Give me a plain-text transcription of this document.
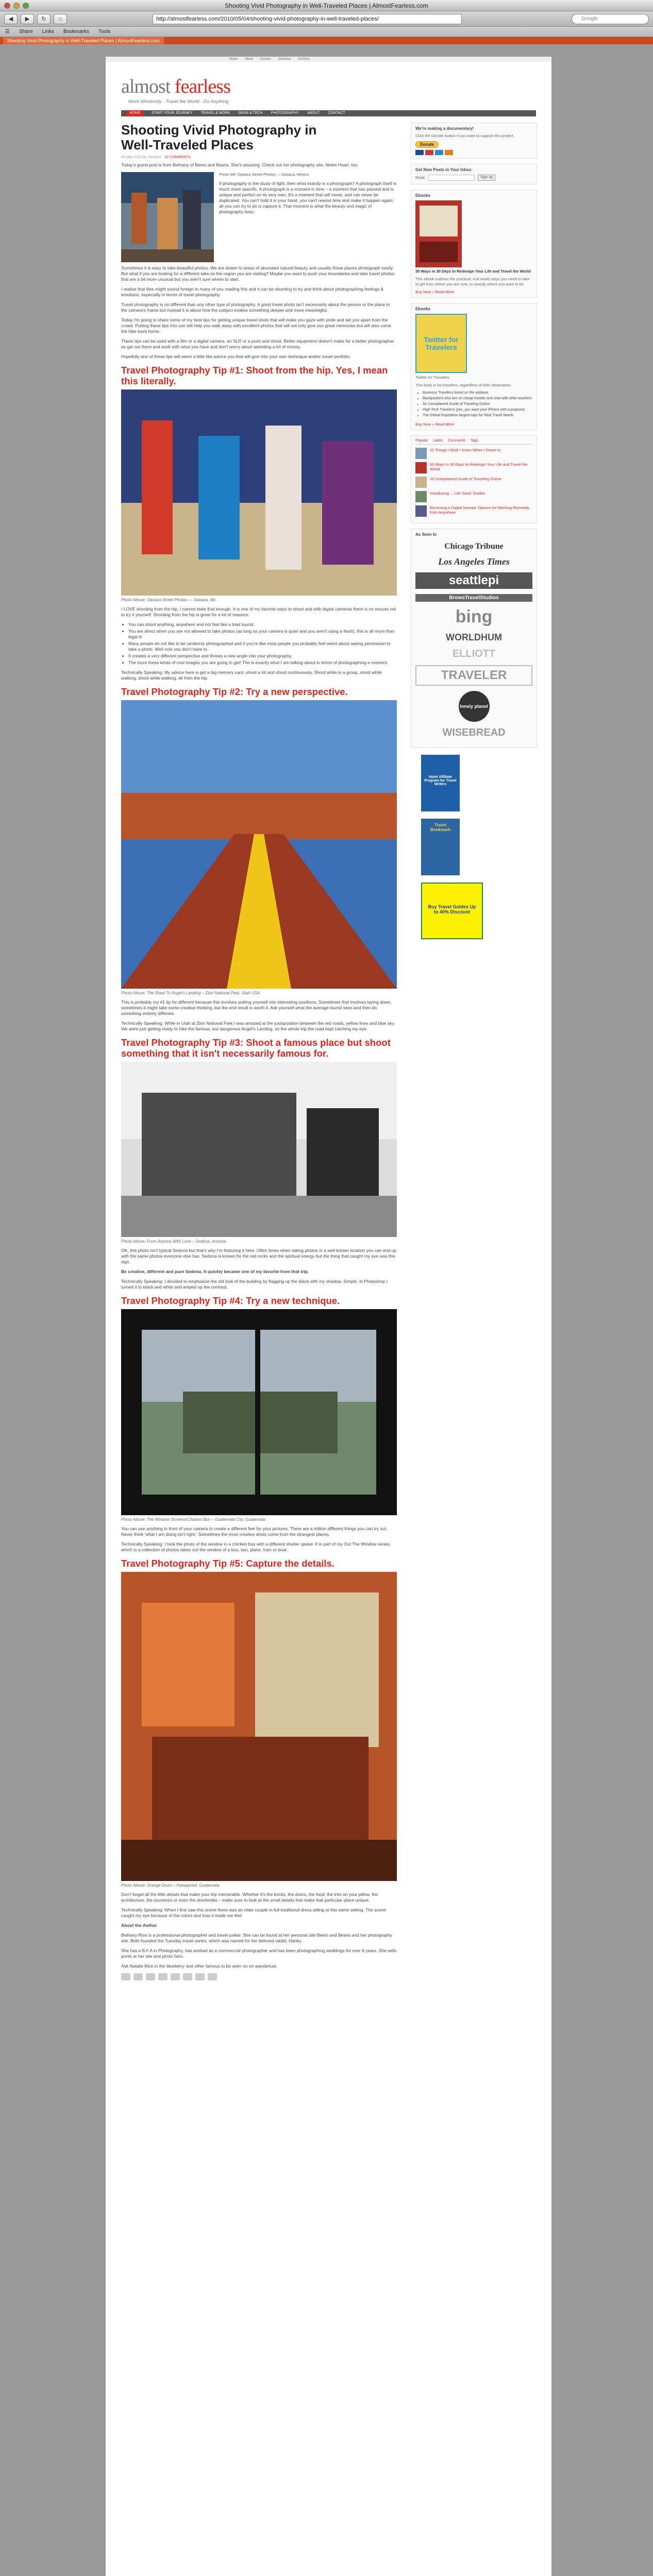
Shooting Vivid Photography in Well-Traveled Places | AlmostFearless.com
◀	▶	↻	⌂	http://almostfearless.com/2010/05/04/shooting-vivid-photography-in-well-traveled-places/	Google
☰ Share Links Bookmarks Tools
Shooting Vivid Photography in Well-Traveled Places | AlmostFearless.com
Home About Contact Advertise Archives
almost fearless
Work Wirelessly · Travel the World · Do Anything
HOME	START YOUR JOURNEY TRAVEL & WORK GEAR & TECH PHOTOGRAPHY ABOUT CONTACT
Shooting Vivid Photography in Well-Traveled Places
04 May 2010 by christine · 22 COMMENTS

Today's guest post is from Bethany of Beers and Beans. She's amazing. Check out her photography site, Nettie Heart, too.

Photo left: Oaxaca Street Photos — Oaxaca, Mexico

If photography is the study of light, then what exactly is a photograph? A photograph itself is much more specific. A photograph is a moment in time – a moment that has passed and is unique and perfect on its very own. It's a moment that will never, and can never be duplicated. You can't hold it in your hand, you can't rewind time and make it happen again; all you can try to do is capture it. That moment is what the beauty and magic of photography lives.

Sometimes it is easy to take beautiful photos. We are drawn to areas of abundant natural beauty and usually those places photograph easily. But what if you are looking for a different take on the region you are visiting? Maybe you want to push your boundaries and take travel photos that are a bit more unusual but you aren't sure where to start.

I realize that tiles might sound foreign to many of you reading this and it can be daunting to try and think about photographing feelings & emotions, especially in terms of travel photography.

Travel photography is no different than any other type of photography. A good travel photo isn't necessarily about the person or the place in the camera's frame but instead it is about how the subject evokes something deeper and more meaningful.

Today I'm going to share some of my best tips for getting unique travel shots that will make you gaze with pride and set you apart from the crowd. Putting these tips into use will help you walk away with excellent photos that will not only give you great memories but will also come the hike back home.

These tips can be used with a film or a digital camera, an SLR or a point and shoot. Better equipment doesn't make for a better photographer so get out there and work with what you have and don't worry about spending a lot of money.

Hopefully one of these tips will seem a little like advice you that will give into your own technique and/or travel portfolio.

Travel Photography Tip #1: Shoot from the hip. Yes, I mean this literally.

Photo Above: Oaxaca Street Photos — Oaxaca, Mx

I LOVE shooting from the hip. I cannot state that enough. It is one of my favorite ways to shoot and with digital cameras there is no excuse not to try it yourself. Shooting from the hip is great for a lot of reasons:

• You can shoot anything, anywhere and not feel like a total tourist.
• You are direct when you are not allowed to take photos (as long as your camera is quiet and you aren't using a flash), this is all more than legal it!
• Many people do not like to be randomly photographed and if you're like most people you probably feel weird about asking permission to take a photo. Well now you don't have to.
• It creates a very different perspective and throws a new angle into your photography.
• The more these kinds of cool images you are going to get! The is exactly what I am talking about in terms of photographing a moment.

Technically Speaking: My advice here is get a big memory card, shoot a lot and shoot continuously. Shoot while in a group, shoot while walking, shoot while walking, all from the hip.

Travel Photography Tip #2: Try a new perspective.

Photo Above: The Road To Angel's Landing – Zion National Park, Utah USA

This is probably my #1 tip for different because this involves putting yourself into interesting positions. Sometimes that involves laying down, sometimes it might take some creative thinking, but the end result is worth it. Ask yourself what the average tourist sees and then do something entirely different.

Technically Speaking: While in Utah at Zion National Park I was amazed at the juxtaposition between the red roads, yellow lines and blue sky. We were just getting ready to hike the famous, but dangerous Angel's Landing, so the whole trip the road kept catching my eye.

Travel Photography Tip #3: Shoot a famous place but shoot something that it isn't necessarily famous for.

Photo Above: From Arizona With Love – Sedona, Arizona

OK, this photo isn't typical Sedona but that's why I'm featuring it here. Often times when taking photos in a well known location you can end up with the same photos everyone else has. Sedona is known for the red rocks and the spiritual energy but the thing that caught my eye was this sign.

Be creative, different and pure Sedona. It quickly became one of my favorite from that trip.

Technically Speaking: I decided to emphasize the old look of the building by flagging up the black with my shadow. Simple. In Photoshop I turned it to black and white and amped up the contrast.

Travel Photography Tip #4: Try a new technique.

Photo Above: The Window Screens/Chicken Bus – Guatemala City, Guatemala

You can use anything in front of your camera to create a different feel for your pictures. There are a million different things you can try out. Never think ‘what I am doing isn't right.’ Sometimes the most creative shots come from the strangest places.

Technically Speaking: I took the photo of the window in a chicken bus with a different shutter speed. It is part of my Out The Window series, which is a collection of photos taken out the window of a bus, taxi, plane, train or boat.

Travel Photography Tip #5: Capture the details.

Photo Above: Orange Drum – Panajachel, Guatemala

Don't forget all the little details that make your trip memorable. Whether it's the bricks, the doors, the food, the trim on your pillow, the architecture, the souvenirs or even the doorknobs – make sure to look at the small details that make that particular place unique.

Technically Speaking: When I first saw this scene there was an older couple in full traditional dress sitting at this same setting. The scene caught my eye because of the colors and how it made me feel.

About the Author

Bethany Rice is a professional photographer and travel junkie. She can be found at her personal site Beers and Beans and her photography site. Both founded the Tuesday travel series, which was named for her beloved rabbit, Hanku.

She has a B.F.A in Photography, has worked as a commercial photographer and has been photographing weddings for over 6 years. She sells prints at her site and photo fairs.

Ask Natalie Rice in the blueberry and other famous to be seen on on wanderlust.

We're making a documentary!
Click the Donate button if you want to support this project.
Donate
Get New Posts in Your Inbox
Email:	Sign up
Ebooks
30 Ways in 30 Days to Redesign Your Life and Travel the World
This ebook outlines the practical, real world steps you need to take to get from where you are now, to exactly where you want to be.
Buy Now » Read More
Ebooks
Twitter for Travelers
Twitter for Travelers
This book is for travelers, regardless of their destination:
• Business Travelers bored on the airplane
• Backpackers who live on cheap hostels and chat with other travelers
• An Unexplained Guide of Traveling Online
• High-Tech Travelers (yes, you want your iPhone with a purpose)
• The Global Expedition largest taps for Real Travel Needs
Buy Now » Read More
Popular Latest Comments Tags
10 Things I Wish I Knew When I Drove to
30 Ways in 30 Days to Redesign Your Life and Travel the World
10 Unexplained Guide of Traveling Online
Introducing ... Life Saver Guides
Becoming a Digital Nomad: Options for Working Remotely from Anywhere
As Seen In
Chicago Tribune
Los Angeles Times
seattlepi
BrowsTravelStudios
bing
WORLDHUM
ELLIOTT
TRAVELER
lonely planet
WISEBREAD
Hotel Affiliate Program for Travel Writers
Travel Bookmark
Buy Travel Guides Up to 40% Discount
